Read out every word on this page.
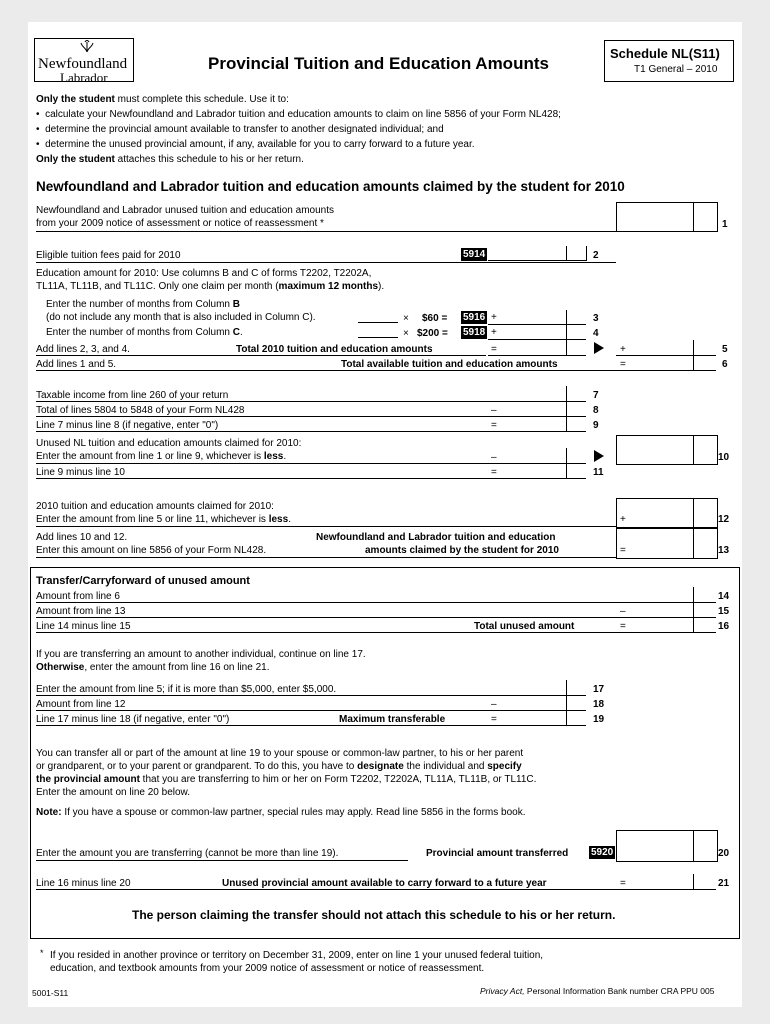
Newfoundland
Labrador
Provincial Tuition and Education Amounts
Schedule NL(S11)
T1 General – 2010
Only the student must complete this schedule. Use it to:
•  calculate your Newfoundland and Labrador tuition and education amounts to claim on line 5856 of your Form NL428;
•  determine the provincial amount available to transfer to another designated individual; and
•  determine the unused provincial amount, if any, available for you to carry forward to a future year.
Only the student attaches this schedule to his or her return.
Newfoundland and Labrador tuition and education amounts claimed by the student for 2010
Newfoundland and Labrador unused tuition and education amounts
from your 2009 notice of assessment or notice of reassessment *	1
Eligible tuition fees paid for 2010	5914	2
Education amount for 2010: Use columns B and C of forms T2202, T2202A,
TL11A, TL11B, and TL11C. Only one claim per month (maximum 12 months).
Enter the number of months from Column B
(do not include any month that is also included in Column C).	× $60 = 5916 +	3
Enter the number of months from Column C.	× $200 = 5918 +	4
Add lines 2, 3, and 4.	Total 2010 tuition and education amounts	=	+	5
Add lines 1 and 5.	Total available tuition and education amounts	=	6
Taxable income from line 260 of your return	7
Total of lines 5804 to 5848 of your Form NL428	–	8
Line 7 minus line 8 (if negative, enter "0")	=	9
Unused NL tuition and education amounts claimed for 2010:
Enter the amount from line 1 or line 9, whichever is less.	–	10
Line 9 minus line 10	=	11
2010 tuition and education amounts claimed for 2010:
Enter the amount from line 5 or line 11, whichever is less.	+	12
Add lines 10 and 12.
Enter this amount on line 5856 of your Form NL428.
Newfoundland and Labrador tuition and education
amounts claimed by the student for 2010	=	13
Transfer/Carryforward of unused amount
Amount from line 6	14
Amount from line 13	–	15
Line 14 minus line 15	Total unused amount	=	16
If you are transferring an amount to another individual, continue on line 17.
Otherwise, enter the amount from line 16 on line 21.
Enter the amount from line 5; if it is more than $5,000, enter $5,000.	17
Amount from line 12	–	18
Line 17 minus line 18 (if negative, enter "0")	Maximum transferable	=	19
You can transfer all or part of the amount at line 19 to your spouse or common-law partner, to his or her parent
or grandparent, or to your parent or grandparent. To do this, you have to designate the individual and specify
the provincial amount that you are transferring to him or her on Form T2202, T2202A, TL11A, TL11B, or TL11C.
Enter the amount on line 20 below.
Note: If you have a spouse or common-law partner, special rules may apply. Read line 5856 in the forms book.
Enter the amount you are transferring (cannot be more than line 19).	Provincial amount transferred 5920	20
Line 16 minus line 20	Unused provincial amount available to carry forward to a future year	=	21
The person claiming the transfer should not attach this schedule to his or her return.
* If you resided in another province or territory on December 31, 2009, enter on line 1 your unused federal tuition,
education, and textbook amounts from your 2009 notice of assessment or notice of reassessment.
5001-S11	Privacy Act, Personal Information Bank number CRA PPU 005
